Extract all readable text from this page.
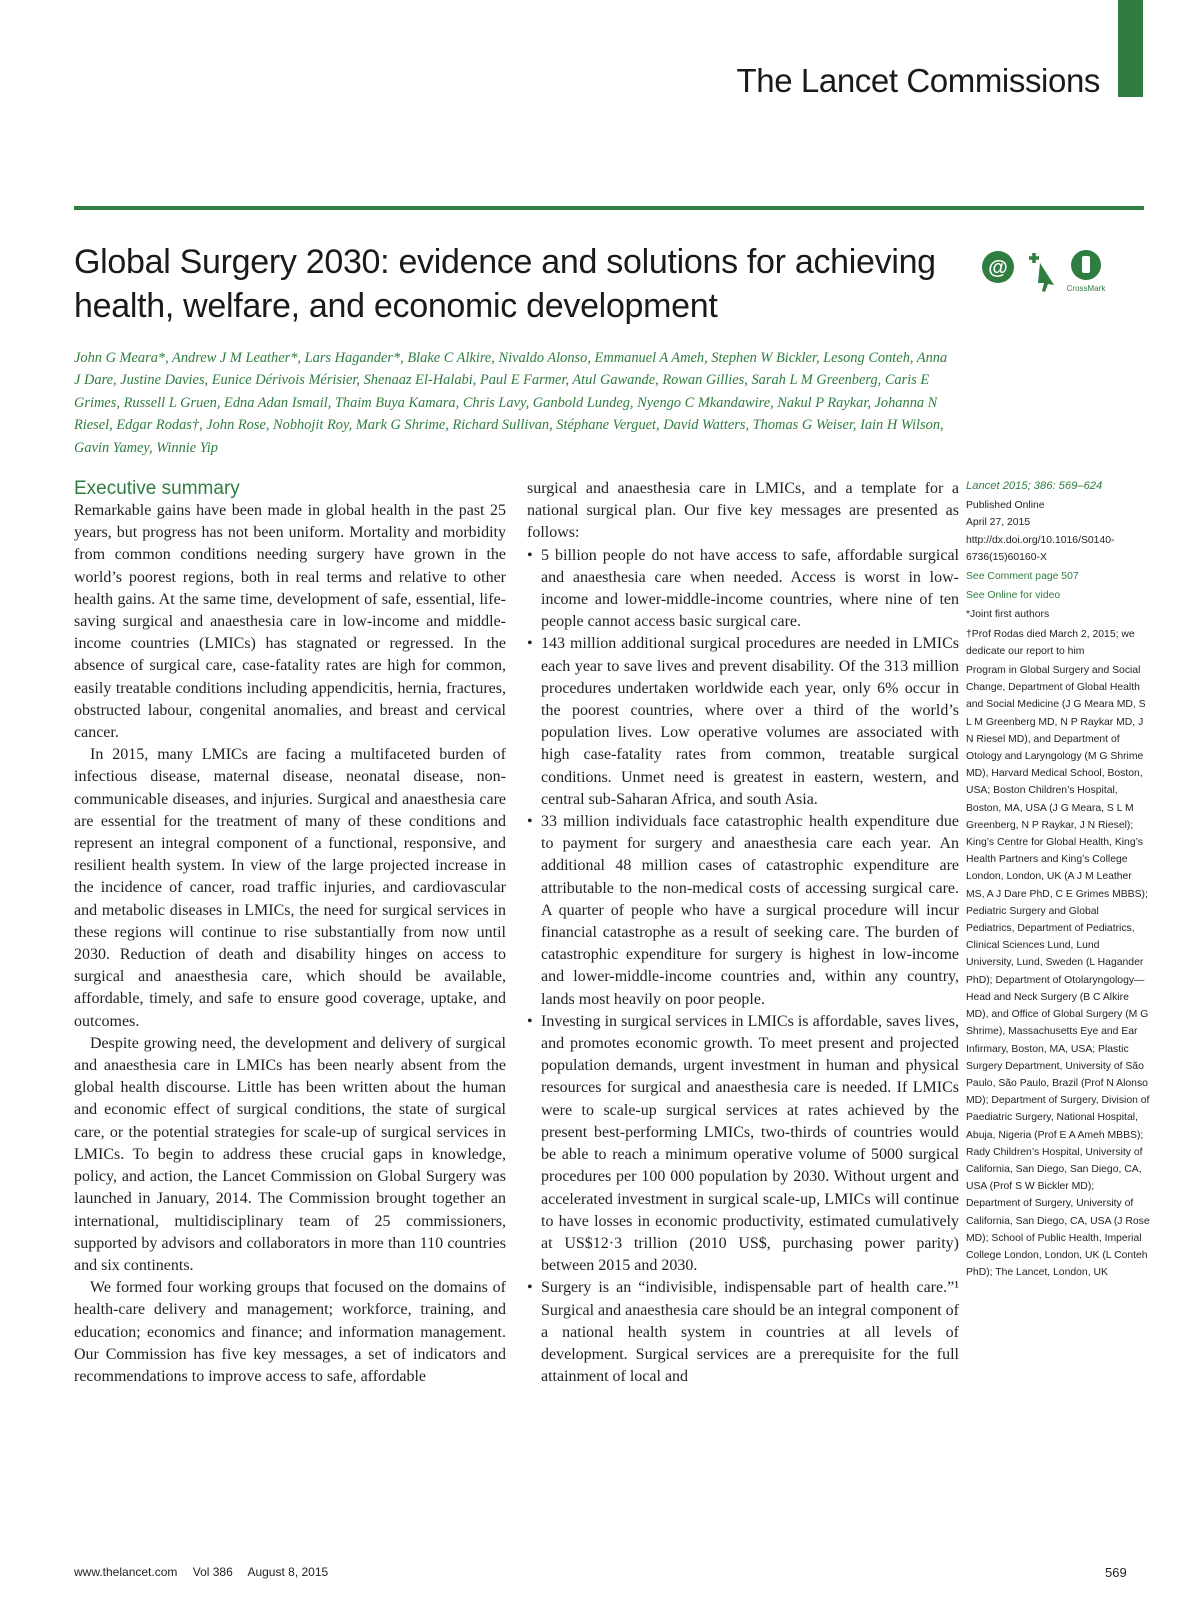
The Lancet Commissions
Global Surgery 2030: evidence and solutions for achieving health, welfare, and economic development
@
CrossMark

John G Meara*, Andrew J M Leather*, Lars Hagander*, Blake C Alkire, Nivaldo Alonso, Emmanuel A Ameh, Stephen W Bickler, Lesong Conteh, Anna J Dare, Justine Davies, Eunice Dérivois Mérisier, Shenaaz El-Halabi, Paul E Farmer, Atul Gawande, Rowan Gillies, Sarah L M Greenberg, Caris E Grimes, Russell L Gruen, Edna Adan Ismail, Thaim Buya Kamara, Chris Lavy, Ganbold Lundeg, Nyengo C Mkandawire, Nakul P Raykar, Johanna N Riesel, Edgar Rodas†, John Rose, Nobhojit Roy, Mark G Shrime, Richard Sullivan, Stéphane Verguet, David Watters, Thomas G Weiser, Iain H Wilson, Gavin Yamey, Winnie Yip

Executive summary

Remarkable gains have been made in global health in the past 25 years, but progress has not been uniform. Mortality and morbidity from common conditions needing surgery have grown in the world’s poorest regions, both in real terms and relative to other health gains. At the same time, development of safe, essential, life-saving surgical and anaesthesia care in low-income and middle-income countries (LMICs) has stagnated or regressed. In the absence of surgical care, case-fatality rates are high for common, easily treatable conditions including appendicitis, hernia, fractures, obstructed labour, congenital anomalies, and breast and cervical cancer.

In 2015, many LMICs are facing a multifaceted burden of infectious disease, maternal disease, neonatal disease, non-communicable diseases, and injuries. Surgical and anaesthesia care are essential for the treatment of many of these conditions and represent an integral component of a functional, responsive, and resilient health system. In view of the large projected increase in the incidence of cancer, road traffic injuries, and cardiovascular and metabolic diseases in LMICs, the need for surgical services in these regions will continue to rise substantially from now until 2030. Reduction of death and disability hinges on access to surgical and anaesthesia care, which should be available, affordable, timely, and safe to ensure good coverage, uptake, and outcomes.

Despite growing need, the development and delivery of surgical and anaesthesia care in LMICs has been nearly absent from the global health discourse. Little has been written about the human and economic effect of surgical conditions, the state of surgical care, or the potential strategies for scale-up of surgical services in LMICs. To begin to address these crucial gaps in knowledge, policy, and action, the Lancet Commission on Global Surgery was launched in January, 2014. The Commission brought together an international, multidisciplinary team of 25 commissioners, supported by advisors and collaborators in more than 110 countries and six continents.

We formed four working groups that focused on the domains of health-care delivery and management; workforce, training, and education; economics and finance; and information management. Our Commission has five key messages, a set of indicators and recommendations to improve access to safe, affordable

surgical and anaesthesia care in LMICs, and a template for a national surgical plan. Our five key messages are presented as follows:

• 5 billion people do not have access to safe, affordable surgical and anaesthesia care when needed. Access is worst in low-income and lower-middle-income countries, where nine of ten people cannot access basic surgical care.
• 143 million additional surgical procedures are needed in LMICs each year to save lives and prevent disability. Of the 313 million procedures undertaken worldwide each year, only 6% occur in the poorest countries, where over a third of the world’s population lives. Low operative volumes are associated with high case-fatality rates from common, treatable surgical conditions. Unmet need is greatest in eastern, western, and central sub-Saharan Africa, and south Asia.
• 33 million individuals face catastrophic health expenditure due to payment for surgery and anaesthesia care each year. An additional 48 million cases of catastrophic expenditure are attributable to the non-medical costs of accessing surgical care. A quarter of people who have a surgical procedure will incur financial catastrophe as a result of seeking care. The burden of catastrophic expenditure for surgery is highest in low-income and lower-middle-income countries and, within any country, lands most heavily on poor people.
• Investing in surgical services in LMICs is affordable, saves lives, and promotes economic growth. To meet present and projected population demands, urgent investment in human and physical resources for surgical and anaesthesia care is needed. If LMICs were to scale-up surgical services at rates achieved by the present best-performing LMICs, two-thirds of countries would be able to reach a minimum operative volume of 5000 surgical procedures per 100 000 population by 2030. Without urgent and accelerated investment in surgical scale-up, LMICs will continue to have losses in economic productivity, estimated cumulatively at US$12·3 trillion (2010 US$, purchasing power parity) between 2015 and 2030.
• Surgery is an “indivisible, indispensable part of health care.”¹ Surgical and anaesthesia care should be an integral component of a national health system in countries at all levels of development. Surgical services are a prerequisite for the full attainment of local and

Lancet 2015; 386: 569–624

Published Online
April 27, 2015
http://dx.doi.org/10.1016/S0140-6736(15)60160-X

See Comment page 507

See Online for video

*Joint first authors

†Prof Rodas died March 2, 2015; we dedicate our report to him

Program in Global Surgery and Social Change, Department of Global Health and Social Medicine (J G Meara MD, S L M Greenberg MD, N P Raykar MD, J N Riesel MD), and Department of Otology and Laryngology (M G Shrime MD), Harvard Medical School, Boston, USA; Boston Children’s Hospital, Boston, MA, USA (J G Meara, S L M Greenberg, N P Raykar, J N Riesel); King’s Centre for Global Health, King’s Health Partners and King’s College London, London, UK (A J M Leather MS, A J Dare PhD, C E Grimes MBBS); Pediatric Surgery and Global Pediatrics, Department of Pediatrics, Clinical Sciences Lund, Lund University, Lund, Sweden (L Hagander PhD); Department of Otolaryngology—Head and Neck Surgery (B C Alkire MD), and Office of Global Surgery (M G Shrime), Massachusetts Eye and Ear Infirmary, Boston, MA, USA; Plastic Surgery Department, University of São Paulo, São Paulo, Brazil (Prof N Alonso MD); Department of Surgery, Division of Paediatric Surgery, National Hospital, Abuja, Nigeria (Prof E A Ameh MBBS); Rady Children’s Hospital, University of California, San Diego, San Diego, CA, USA (Prof S W Bickler MD); Department of Surgery, University of California, San Diego, CA, USA (J Rose MD); School of Public Health, Imperial College London, London, UK (L Conteh PhD); The Lancet, London, UK

www.thelancet.com Vol 386 August 8, 2015	569
